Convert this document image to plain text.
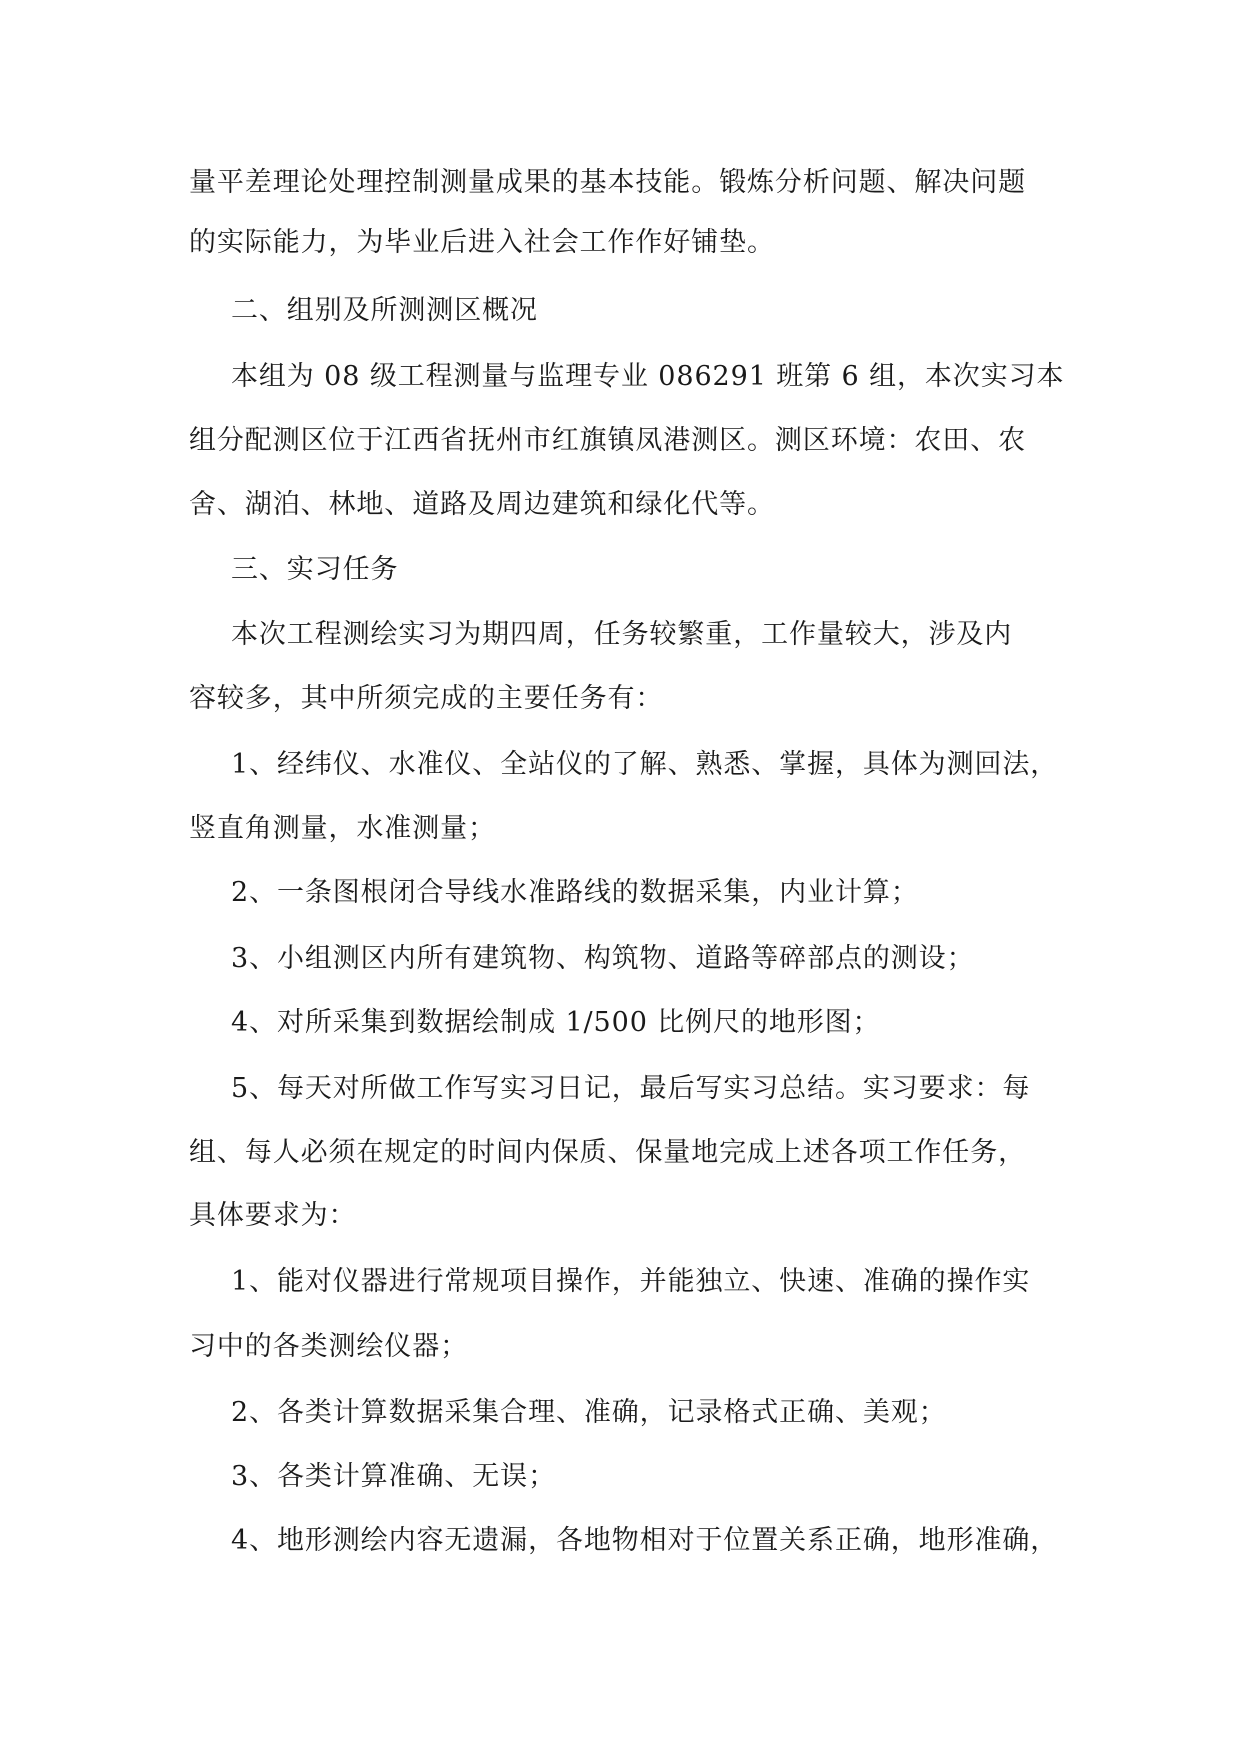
量平差理论处理控制测量成果的基本技能。锻炼分析问题、解决问题
的实际能力，为毕业后进入社会工作作好铺垫。
二、组别及所测测区概况
本组为 08 级工程测量与监理专业 086291 班第 6 组，本次实习本
组分配测区位于江西省抚州市红旗镇凤港测区。测区环境：农田、农
舍、湖泊、林地、道路及周边建筑和绿化代等。
三、实习任务
本次工程测绘实习为期四周，任务较繁重，工作量较大，涉及内
容较多，其中所须完成的主要任务有：
1、经纬仪、水准仪、全站仪的了解、熟悉、掌握，具体为测回法，
竖直角测量，水准测量；
2、一条图根闭合导线水准路线的数据采集，内业计算；
3、小组测区内所有建筑物、构筑物、道路等碎部点的测设；
4、对所采集到数据绘制成 1/500 比例尺的地形图；
5、每天对所做工作写实习日记，最后写实习总结。实习要求：每
组、每人必须在规定的时间内保质、保量地完成上述各项工作任务，
具体要求为：
1、能对仪器进行常规项目操作，并能独立、快速、准确的操作实
习中的各类测绘仪器；
2、各类计算数据采集合理、准确，记录格式正确、美观；
3、各类计算准确、无误；
4、地形测绘内容无遗漏，各地物相对于位置关系正确，地形准确，
